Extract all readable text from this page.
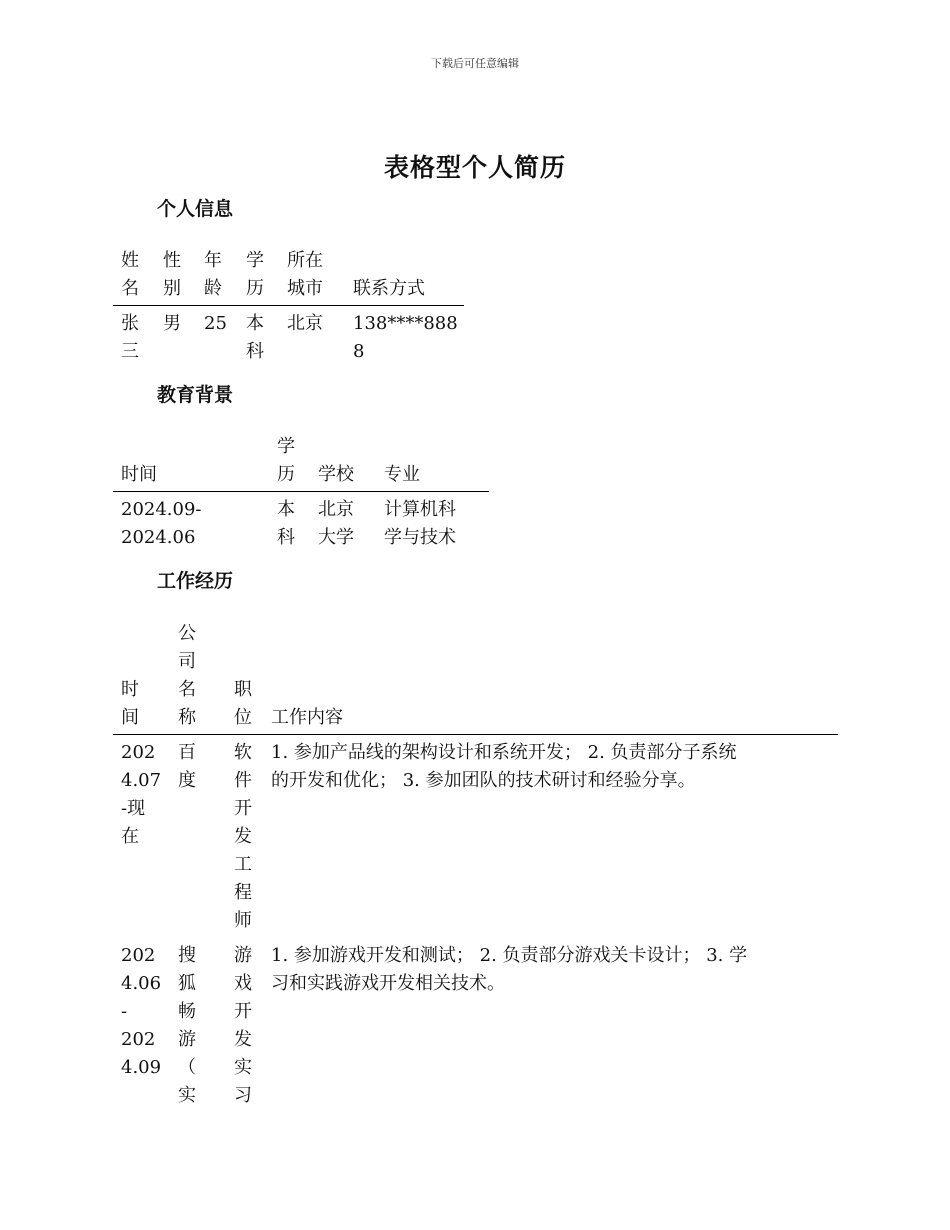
下载后可任意编辑
表格型个人简历
个人信息
姓
名
性
别
年
龄
学
历
所在
城市 联系方式
张
三
男 25 本
科
北京 138****888
8
教育背景
时间
学
历 学校 专业
2024.09-
2024.06
本
科
北京
大学
计算机科
学与技术
工作经历
时
间
公
司
名
称
职
位 工作内容
202
4.07
-现
在
百
度
软
件
开
发
工
程
师
1. 参加产品线的架构设计和系统开发； 2. 负责部分子系统
的开发和优化； 3. 参加团队的技术研讨和经验分享。
202
4.06
-
202
4.09
搜
狐
畅
游
（
实
游
戏
开
发
实
习
1. 参加游戏开发和测试； 2. 负责部分游戏关卡设计； 3. 学
习和实践游戏开发相关技术。
